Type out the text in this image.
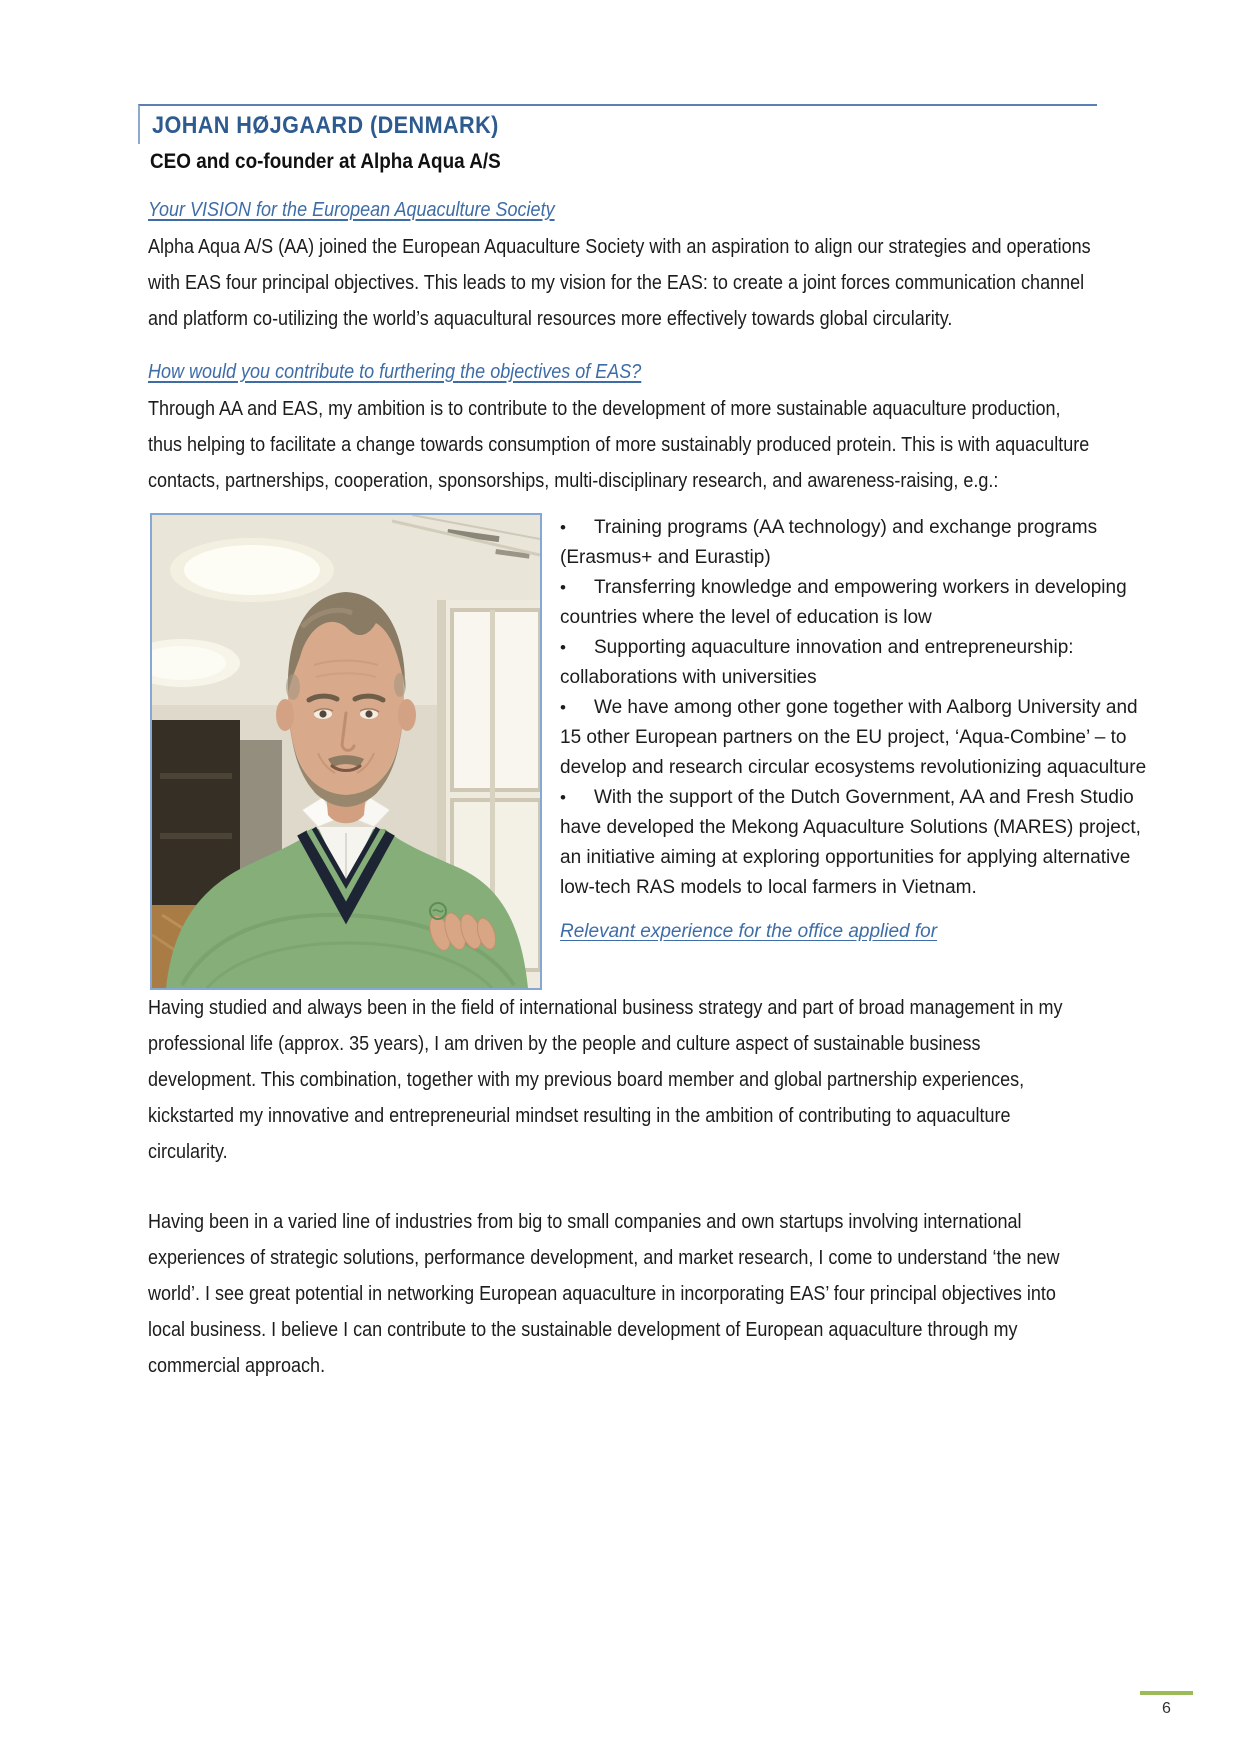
JOHAN HØJGAARD (DENMARK)
CEO and co-founder at Alpha Aqua A/S
Your VISION for the European Aquaculture Society

Alpha Aqua A/S (AA) joined the European Aquaculture Society with an aspiration to align our strategies and operations with EAS four principal objectives. This leads to my vision for the EAS: to create a joint forces communication channel and platform co-utilizing the world’s aquacultural resources more effectively towards global circularity.

How would you contribute to furthering the objectives of EAS?

Through AA and EAS, my ambition is to contribute to the development of more sustainable aquaculture production, thus helping to facilitate a change towards consumption of more sustainably produced protein. This is with aquaculture contacts, partnerships, cooperation, sponsorships, multi-disciplinary research, and awareness-raising, e.g.:

• Training programs (AA technology) and exchange programs (Erasmus+ and Eurastip)
• Transferring knowledge and empowering workers in developing countries where the level of education is low
• Supporting aquaculture innovation and entrepreneurship: collaborations with universities
• We have among other gone together with Aalborg University and 15 other European partners on the EU project, ‘Aqua-Combine’ – to develop and research circular ecosystems revolutionizing aquaculture
• With the support of the Dutch Government, AA and Fresh Studio have developed the Mekong Aquaculture Solutions (MARES) project, an initiative aiming at exploring opportunities for applying alternative low-tech RAS models to local farmers in Vietnam.
Relevant experience for the office applied for

Having studied and always been in the field of international business strategy and part of broad management in my professional life (approx. 35 years), I am driven by the people and culture aspect of sustainable business development. This combination, together with my previous board member and global partnership experiences, kickstarted my innovative and entrepreneurial mindset resulting in the ambition of contributing to aquaculture circularity.

Having been in a varied line of industries from big to small companies and own startups involving international experiences of strategic solutions, performance development, and market research, I come to understand ‘the new world’. I see great potential in networking European aquaculture in incorporating EAS’ four principal objectives into local business. I believe I can contribute to the sustainable development of European aquaculture through my commercial approach.

6
